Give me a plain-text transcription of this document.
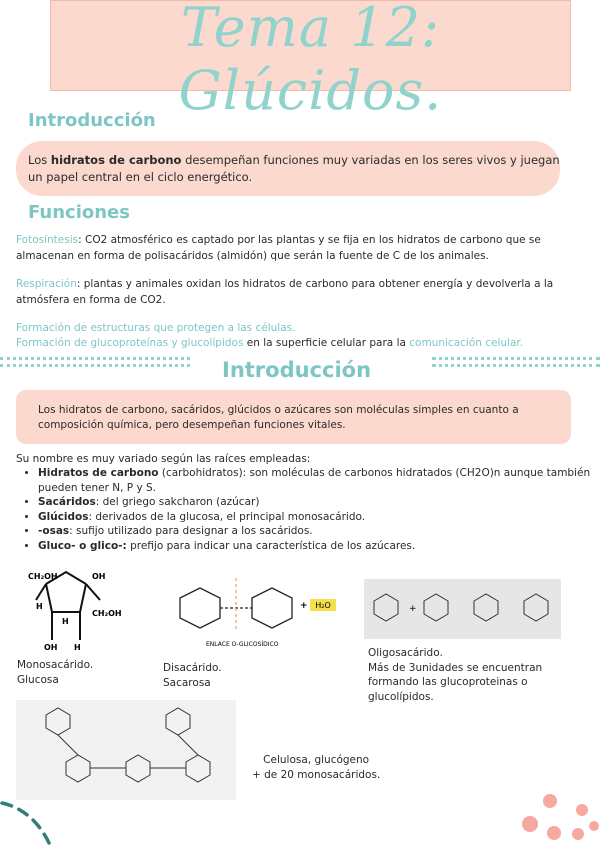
Tema 12: Glúcidos.
Introducción
Los hidratos de carbono desempeñan funciones muy variadas en los seres vivos y juegan un papel central en el ciclo energético.
Funciones
Fotosíntesis: CO2 atmosférico es captado por las plantas y se fija en los hidratos de carbono que se almacenan en forma de polisacáridos (almidón) que serán la fuente de C de los animales.
Respiración: plantas y animales oxidan los hidratos de carbono para obtener energía y devolverla a la atmósfera en forma de CO2.
Formación de estructuras que protegen a las células.
Formación de glucoproteínas y glucolípidos en la superficie celular para la comunicación celular.
Introducción
Los hidratos de carbono, sacáridos, glúcidos o azúcares son moléculas simples en cuanto a composición química, pero desempeñan funciones vitales.
Su nombre es muy variado según las raíces empleadas:
• Hidratos de carbono (carbohidratos): son moléculas de carbonos hidratados (CH2O)n aunque también pueden tener N, P y S.
• Sacáridos: del griego sakcharon (azúcar)
• Glúcidos: derivados de la glucosa, el principal monosacárido.
• -osas: sufijo utilizado para designar a los sacáridos.
• Gluco- o glico-: prefijo para indicar una característica de los azúcares.
CH₂OH	OH
CH₂OH
H
OH H
H
Monosacárido.
Glucosa
H₂O
+
ENLACE O-GLICOSÍDICO
Disacárido.
Sacarosa
+
Oligosacárido.
Más de 3unidades se encuentran formando las glucoproteinas o glucolípidos.
Celulosa, glucógeno
+ de 20 monosacáridos.
